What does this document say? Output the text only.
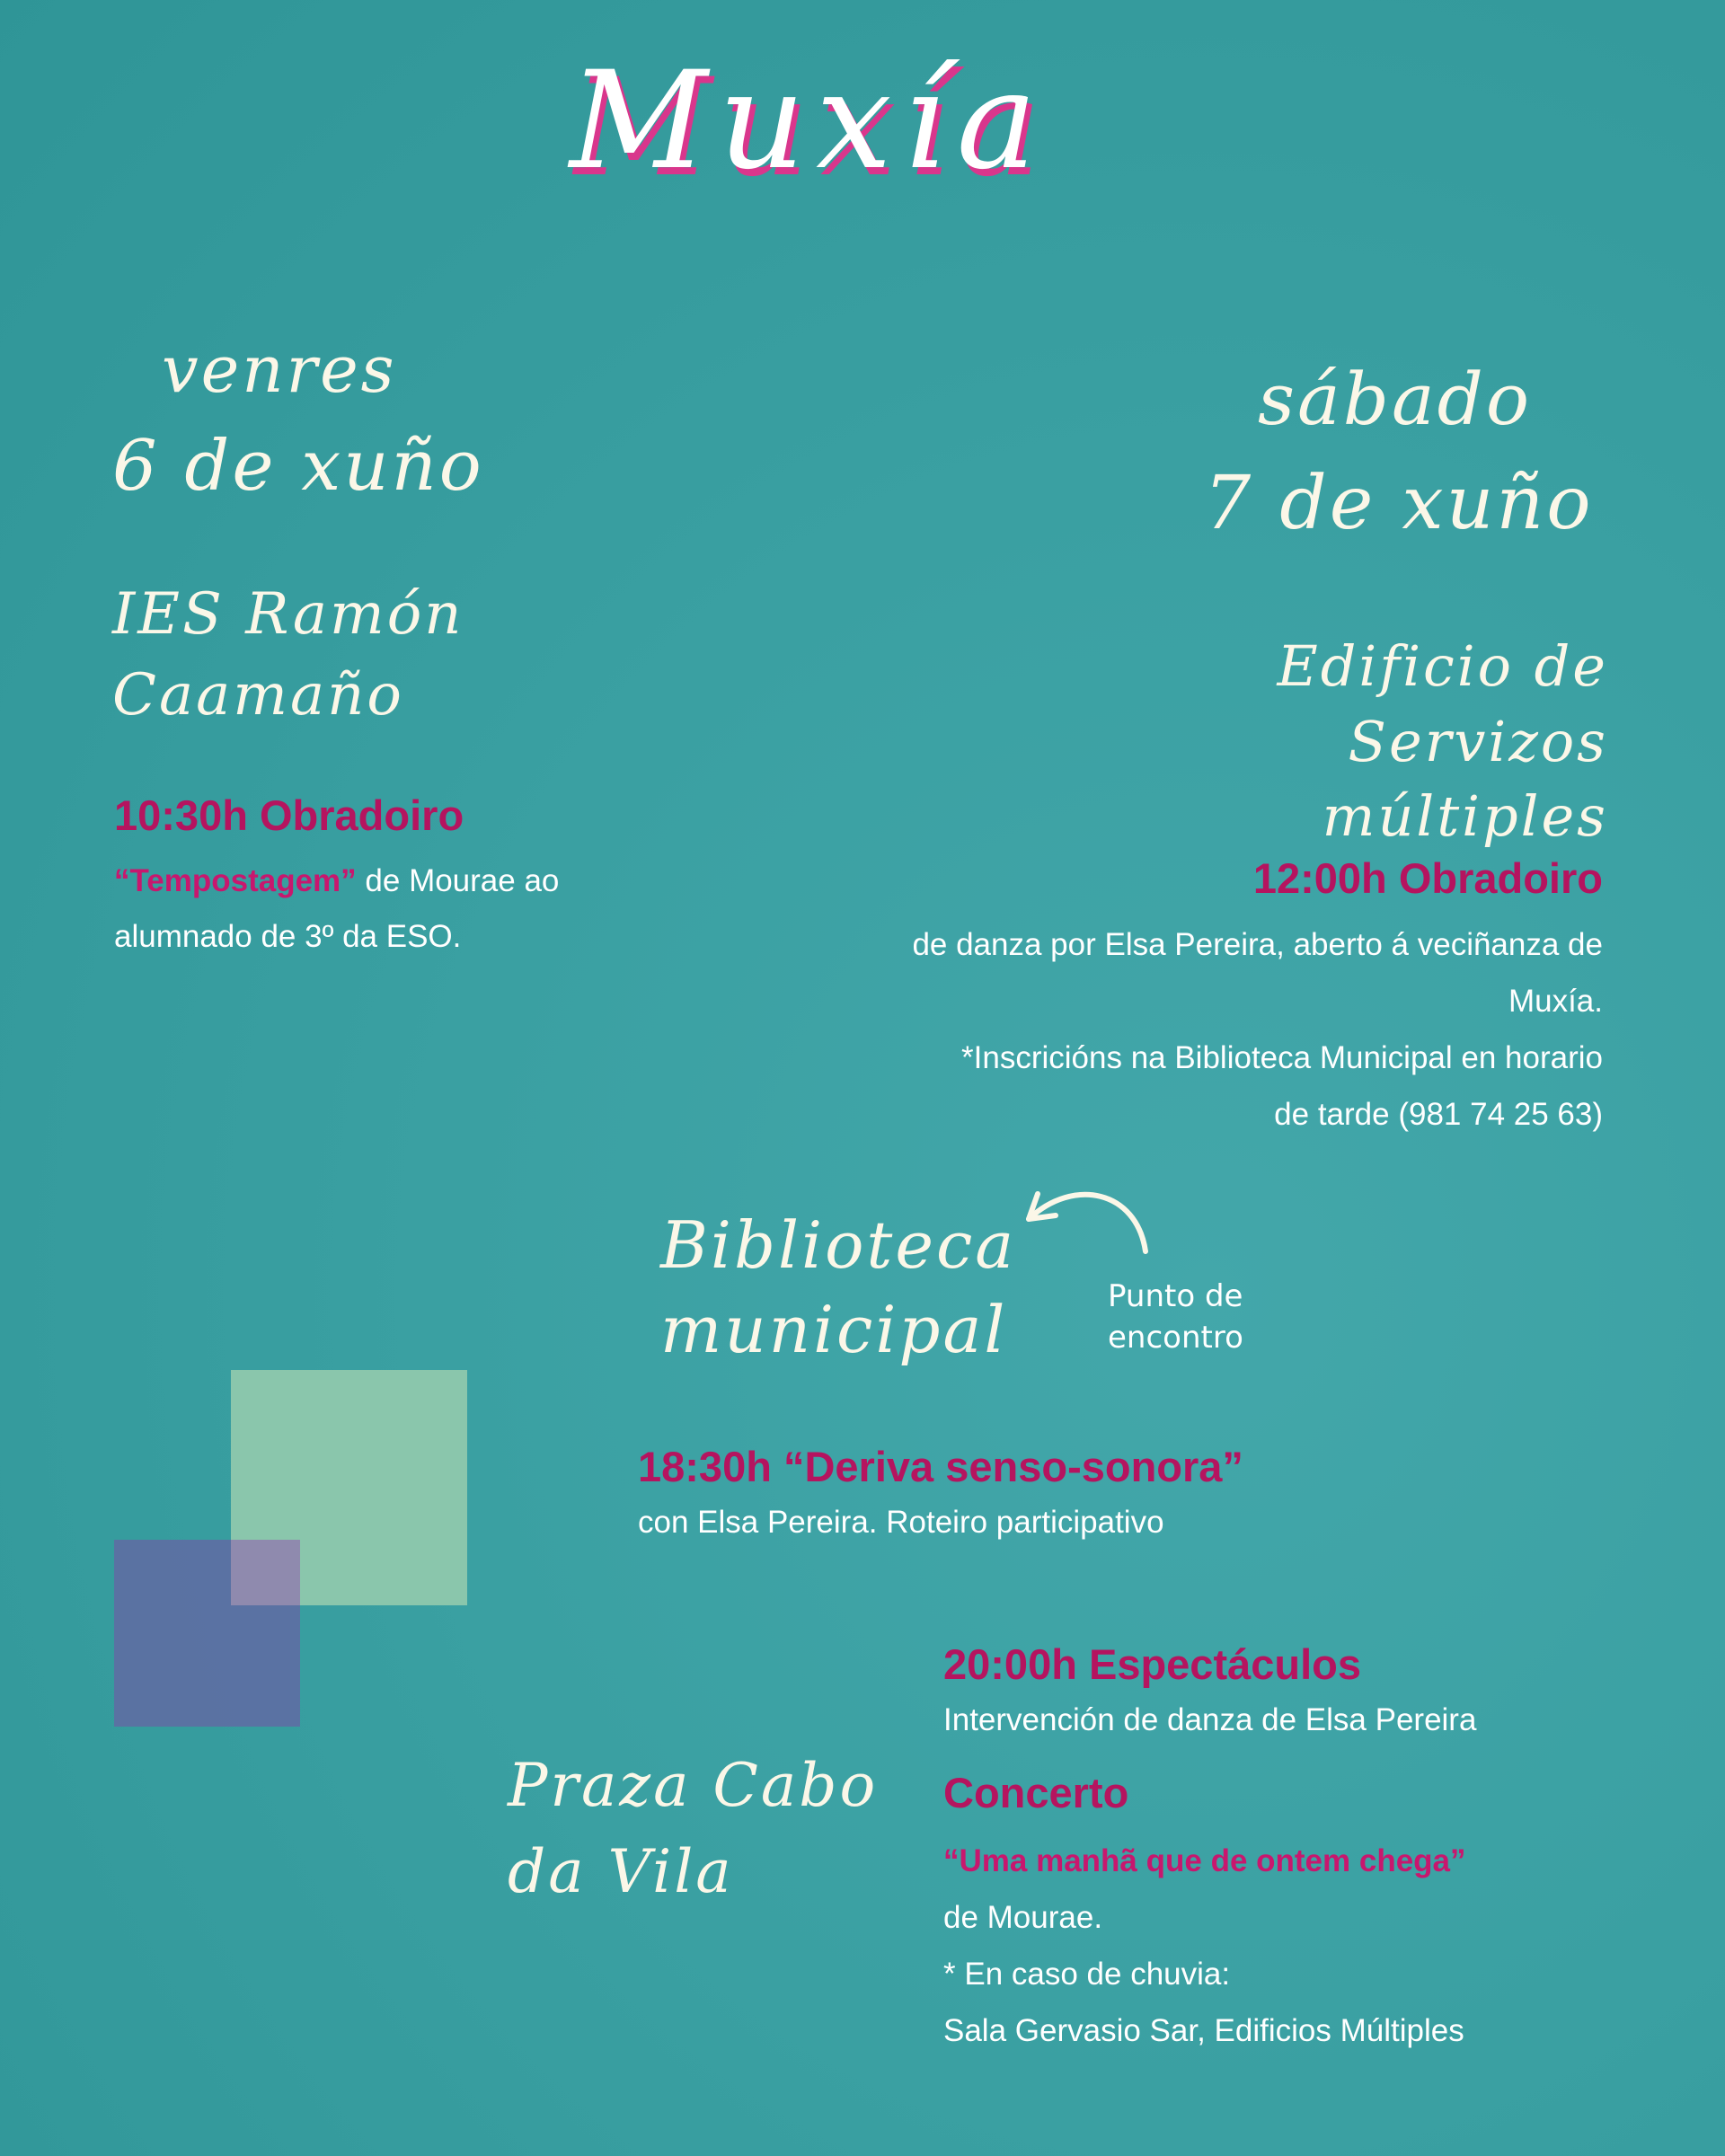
Muxía
venres
6 de xuño
IES Ramón
Caamaño
10:30h Obradoiro
“Tempostagem” de Mourae ao
alumnado de 3º da ESO.
sábado
7 de xuño
Edificio de
Servizos múltiples
12:00h Obradoiro
de danza por Elsa Pereira, aberto á veciñanza de
Muxía.
*Inscricións na Biblioteca Municipal en horario
de tarde (981 74 25 63)
Biblioteca
municipal	Punto de
encontro
18:30h “Deriva senso-sonora”
con Elsa Pereira. Roteiro participativo
Praza Cabo
da Vila
20:00h Espectáculos
Intervención de danza de Elsa Pereira
Concerto
“Uma manhã que de ontem chega”
de Mourae.
* En caso de chuvia:
Sala Gervasio Sar, Edificios Múltiples
